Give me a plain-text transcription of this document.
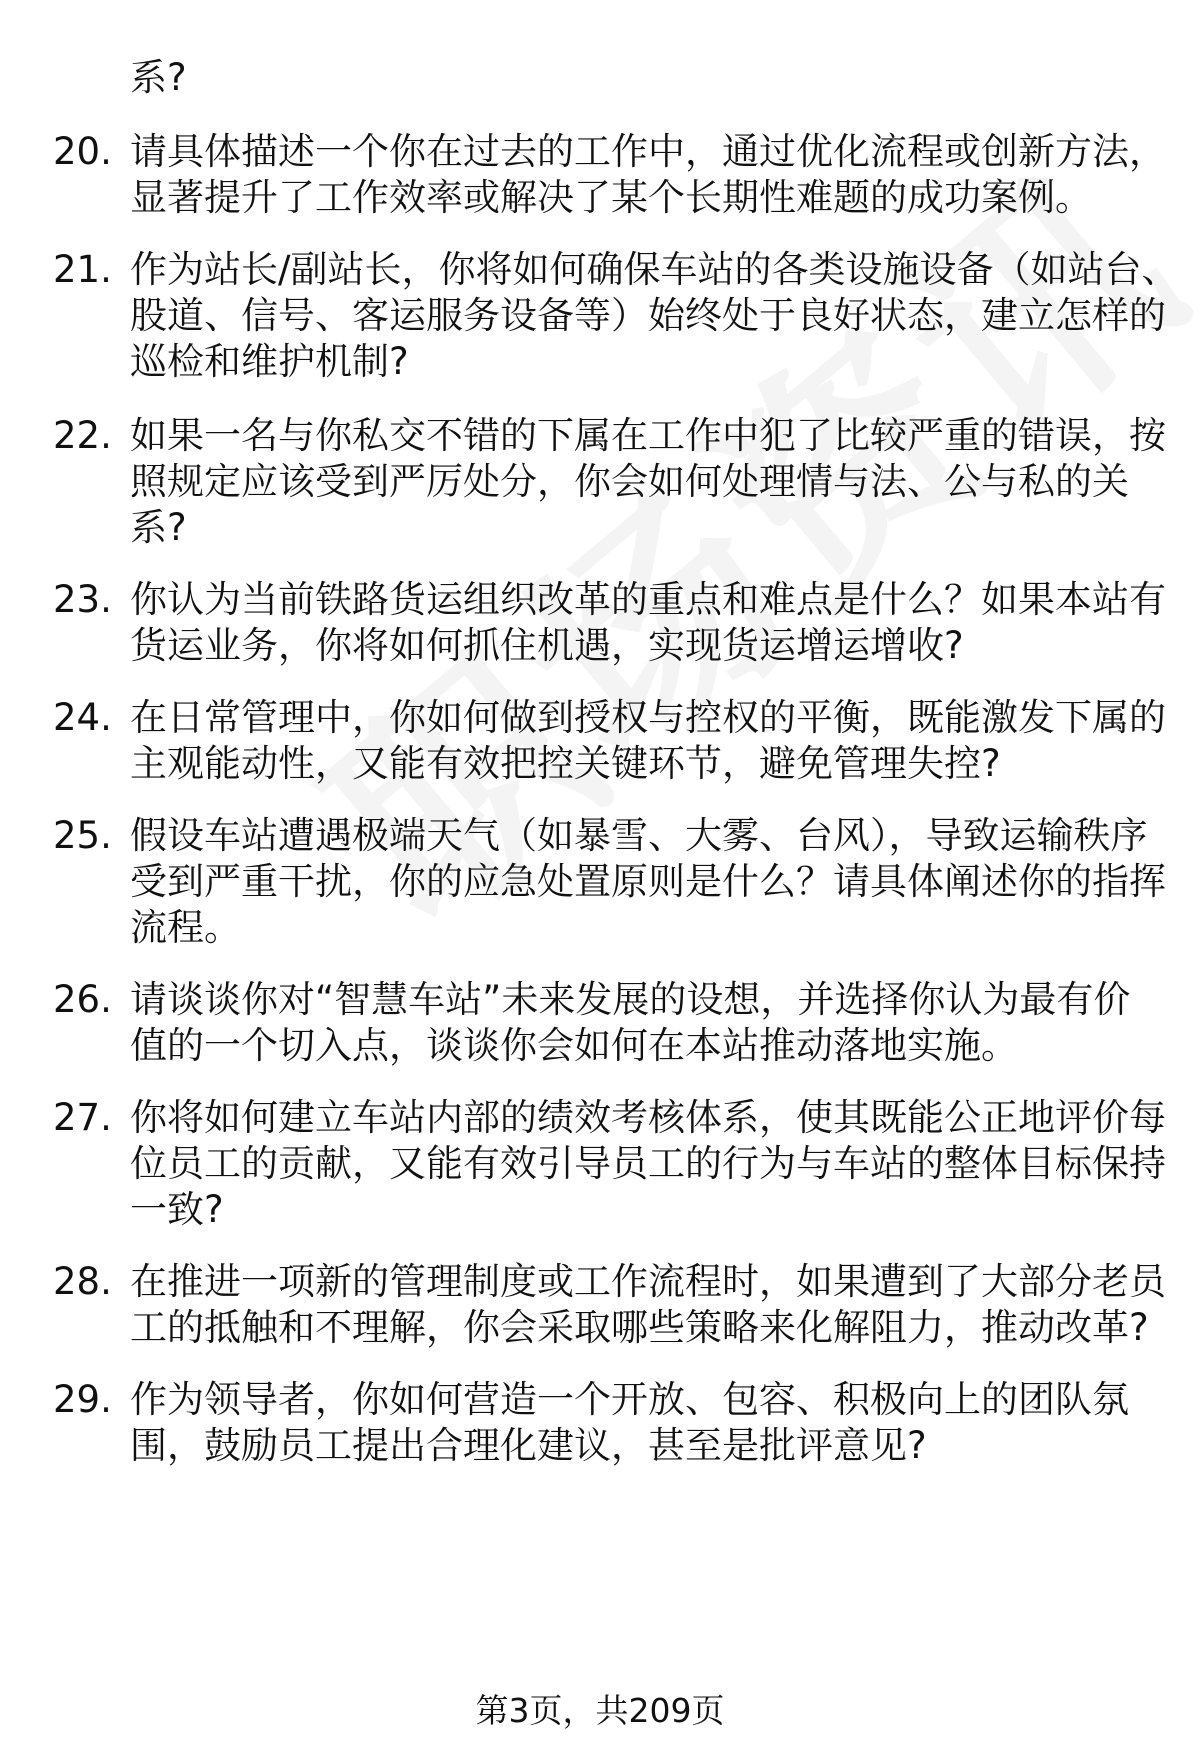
系?
20. 请具体描述一个你在过去的工作中，通过优化流程或创新方法，
显著提升了工作效率或解决了某个长期性难题的成功案例。
21. 作为站长/副站长，你将如何确保车站的各类设施设备（如站台、
股道、信号、客运服务设备等）始终处于良好状态，建立怎样的
巡检和维护机制?
22. 如果一名与你私交不错的下属在工作中犯了比较严重的错误，按
照规定应该受到严厉处分，你会如何处理情与法、公与私的关
系?
23. 你认为当前铁路货运组织改革的重点和难点是什么？如果本站有
货运业务，你将如何抓住机遇，实现货运增运增收?
24. 在日常管理中，你如何做到授权与控权的平衡，既能激发下属的
主观能动性，又能有效把控关键环节，避免管理失控?
25. 假设车站遭遇极端天气（如暴雪、大雾、台风），导致运输秩序
受到严重干扰，你的应急处置原则是什么？请具体阐述你的指挥
流程。
26. 请谈谈你对“智慧车站”未来发展的设想，并选择你认为最有价
值的一个切入点，谈谈你会如何在本站推动落地实施。
27. 你将如何建立车站内部的绩效考核体系，使其既能公正地评价每
位员工的贡献，又能有效引导员工的行为与车站的整体目标保持
一致?
28. 在推进一项新的管理制度或工作流程时，如果遭到了大部分老员
工的抵触和不理解，你会采取哪些策略来化解阻力，推动改革?
29. 作为领导者，你如何营造一个开放、包容、积极向上的团队氛
围，鼓励员工提出合理化建议，甚至是批评意见?
第3页，共209页
